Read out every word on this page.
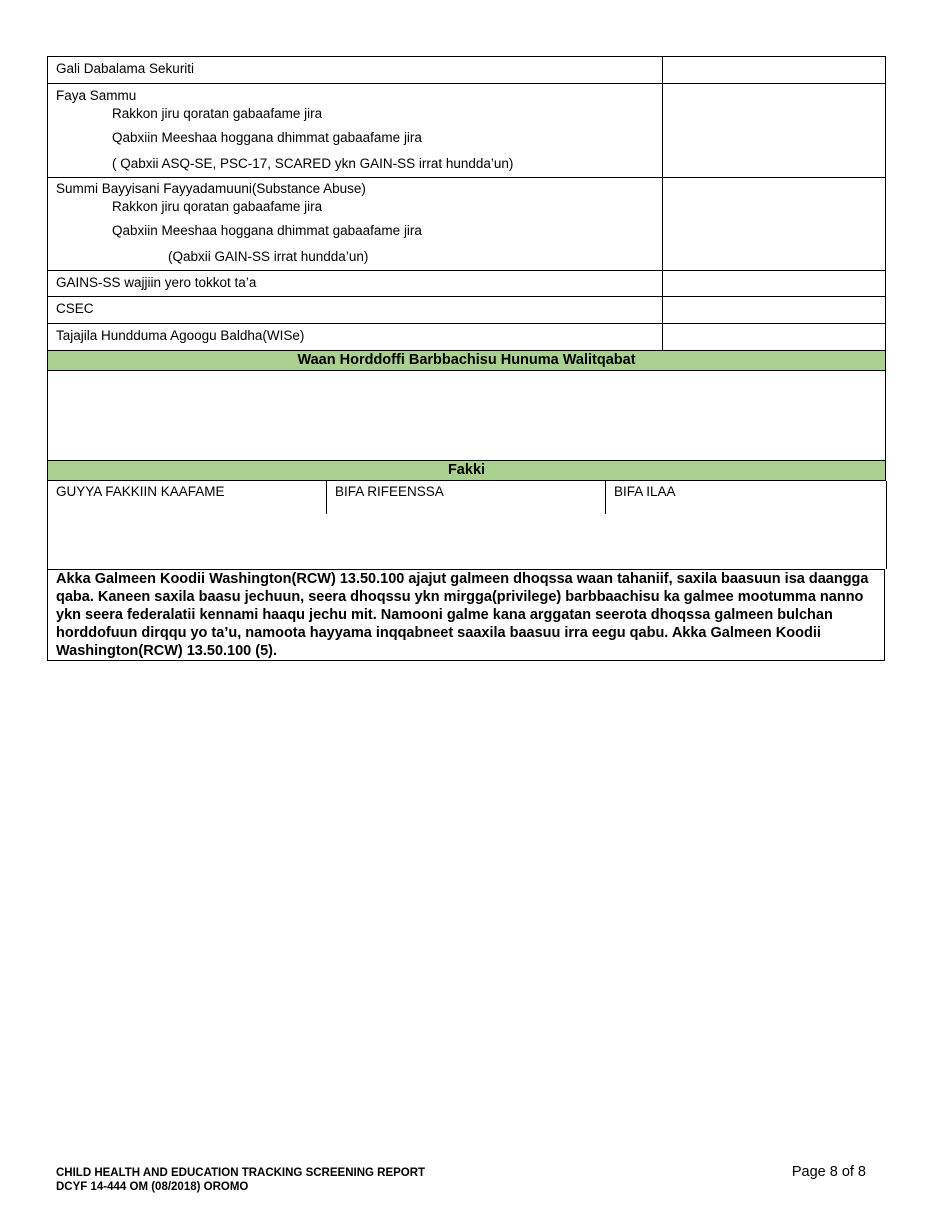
Gali Dabalama Sekuriti	
Faya Sammu
Rakkon jiru qoratan gabaafame jira
Qabxiin Meeshaa hoggana dhimmat gabaafame jira
( Qabxii ASQ-SE, PSC-17, SCARED ykn GAIN-SS irrat hundda’un)	

Summi Bayyisani Fayyadamuuni(Substance Abuse)
Rakkon jiru qoratan gabaafame jira
Qabxiin Meeshaa hoggana dhimmat gabaafame jira
(Qabxii GAIN-SS irrat hundda’un)	

GAINS-SS wajjiin yero tokkot ta’a	
CSEC	
Tajajila Hundduma Agoogu Baldha(WISe)	
Waan Horddoffi Barbbachisu Hunuma Walitqabat	

Fakki	
GUYYA FAKKIIN KAAFAME	BIFA RIFEENSSA	BIFA ILAA
Akka Galmeen Koodii Washington(RCW) 13.50.100 ajajut galmeen dhoqssa waan tahaniif, saxila baasuun isa daangga qaba. Kaneen saxila baasu jechuun, seera dhoqssu ykn mirgga(privilege) barbbaachisu ka galmee mootumma nanno ykn seera federalatii kennami haaqu jechu mit. Namooni galme kana arggatan seerota dhoqssa galmeen bulchan horddofuun dirqqu yo ta’u, namoota hayyama inqqabneet saaxila baasuu irra eegu qabu. Akka Galmeen Koodii Washington(RCW) 13.50.100 (5).
CHILD HEALTH AND EDUCATION TRACKING SCREENING REPORT
DCYF 14-444 OM (08/2018) OROMO
Page 8 of 8
